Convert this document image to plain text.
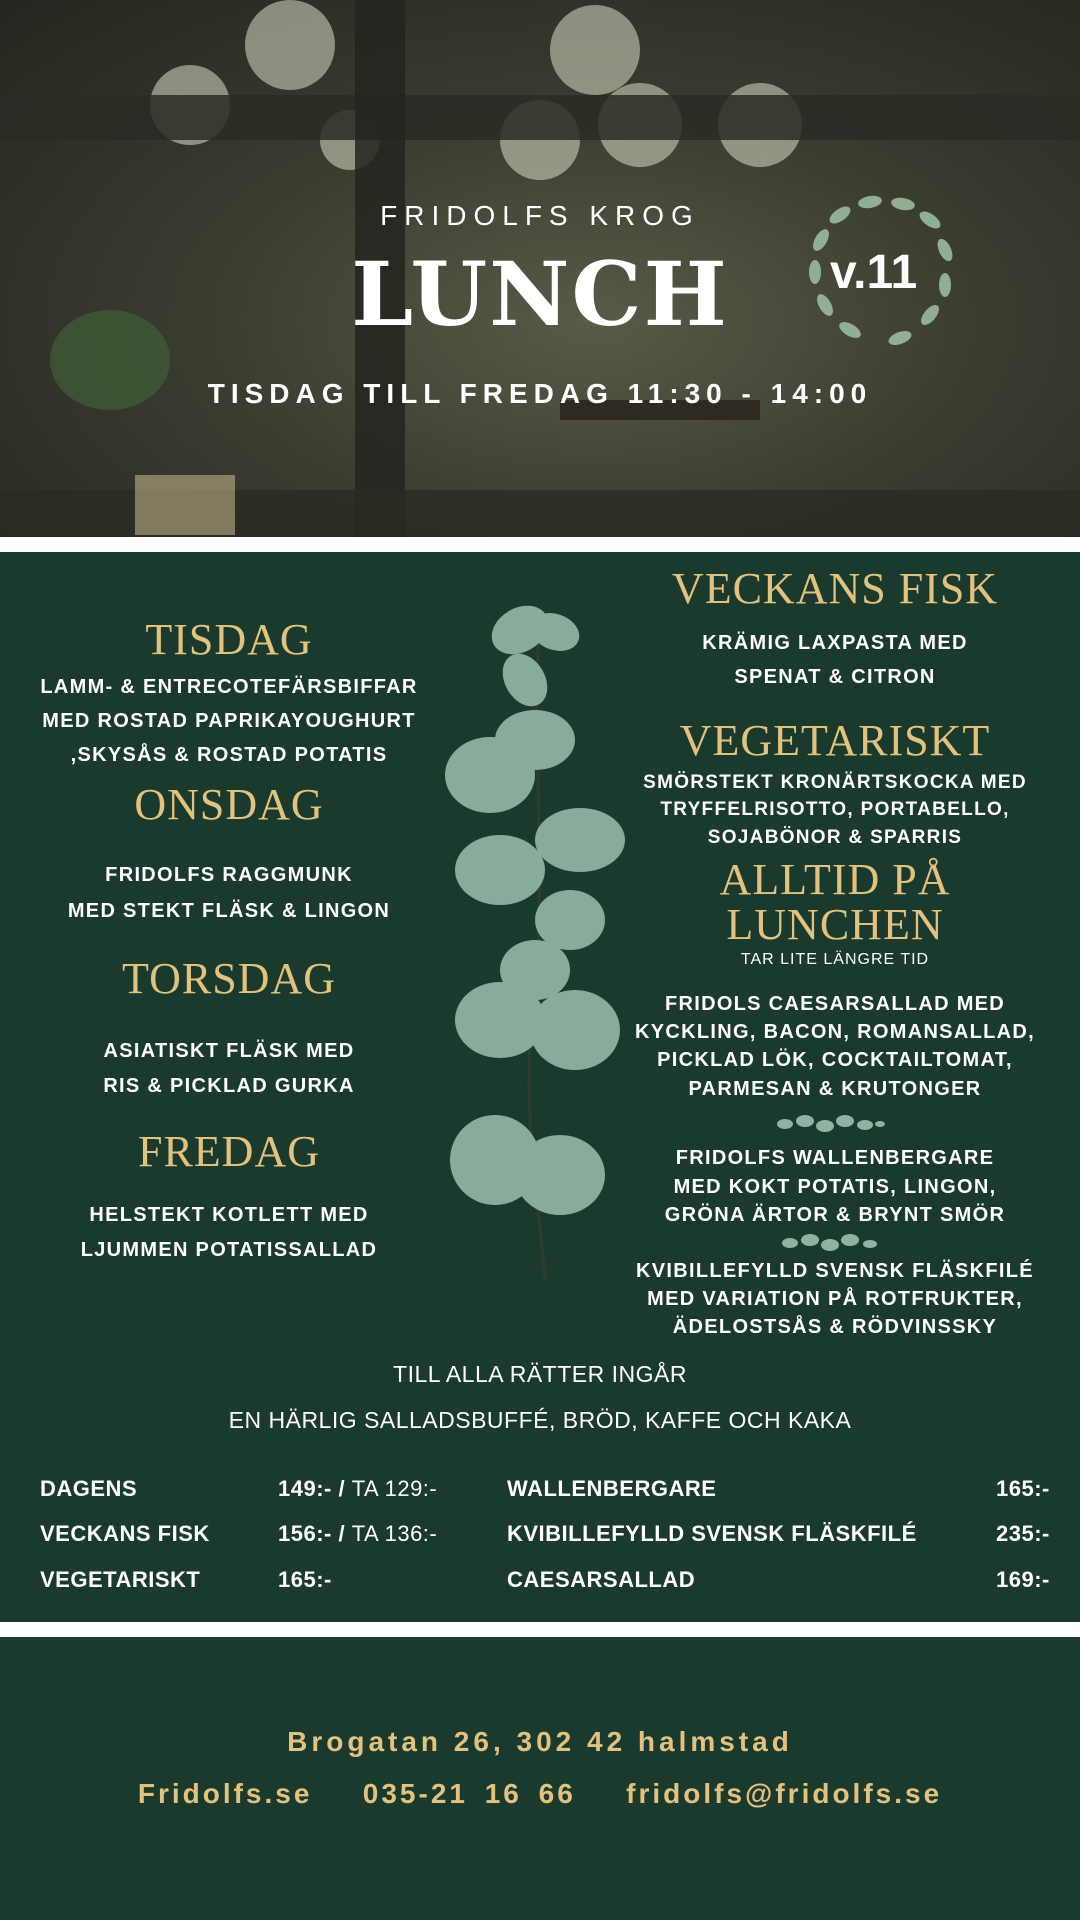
FRIDOLFS KROG
LUNCH v.11
TISDAG TILL FREDAG 11:30 - 14:00
TISDAG
LAMM- & ENTRECOTEFÄRSBIFFAR
MED ROSTAD PAPRIKAYOUGHURT
,SKYSÅS & ROSTAD POTATIS
ONSDAG
FRIDOLFS RAGGMUNK
MED STEKT FLÄSK & LINGON
TORSDAG
ASIATISKT FLÄSK MED
RIS & PICKLAD GURKA
FREDAG
HELSTEKT KOTLETT MED
LJUMMEN POTATISSALLAD
VECKANS FISK
KRÄMIG LAXPASTA MED
SPENAT & CITRON
VEGETARISKT
SMÖRSTEKT KRONÄRTSKOCKA MED
TRYFFELRISOTTO, PORTABELLO,
SOJABÖNOR & SPARRIS
ALLTID PÅ
LUNCHEN
TAR LITE LÄNGRE TID
FRIDOLS CAESARSALLAD MED
KYCKLING, BACON, ROMANSALLAD,
PICKLAD LÖK, COCKTAILTOMAT,
PARMESAN & KRUTONGER
FRIDOLFS WALLENBERGARE
MED KOKT POTATIS, LINGON,
GRÖNA ÄRTOR & BRYNT SMÖR
KVIBILLEFYLLD SVENSK FLÄSKFILÉ
MED VARIATION PÅ ROTFRUKTER,
ÄDELOSTSÅS & RÖDVINSSKY
TILL ALLA RÄTTER INGÅR
EN HÄRLIG SALLADSBUFFÉ, BRÖD, KAFFE OCH KAKA
DAGENS	149:- / TA 129:-
VECKANS FISK	156:- / TA 136:-
VEGETARISKT	165:-
WALLENBERGARE	165:-
KVIBILLEFYLLD SVENSK FLÄSKFILÉ	235:-
CAESARSALLAD	169:-
Brogatan 26, 302 42 halmstad
Fridolfs.se 035-21 16 66 fridolfs@fridolfs.se
